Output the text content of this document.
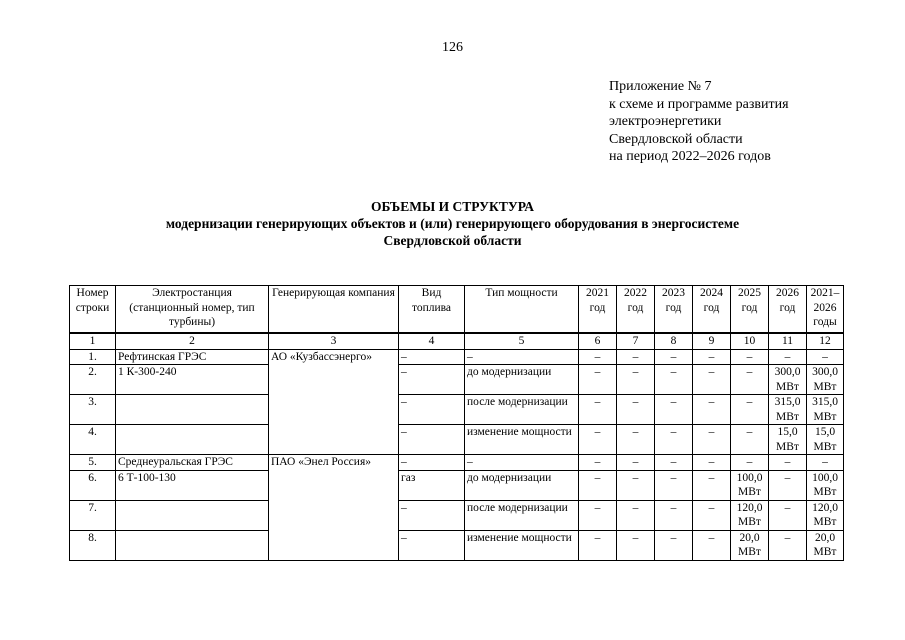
126
Приложение № 7
к схеме и программе развития
электроэнергетики
Свердловской области
на период 2022–2026 годов
ОБЪЕМЫ И СТРУКТУРА
модернизации генерирующих объектов и (или) генерирующего оборудования в энергосистеме
Свердловской области
Номер строки	Электростанция (станционный номер, тип турбины)	Генерирующая компания	Вид топлива	Тип мощности	2021 год	2022 год	2023 год	2024 год	2025 год	2026 год	2021–2026 годы
1	2	3	4	5	6	7	8	9	10	11	12
1.	Рефтинская ГРЭС	АО «Кузбассэнерго»	–	–	–	–	–	–	–	–	–
2.	1 К-300-240		–	до модернизации	–	–	–	–	–	300,0 МВт	300,0 МВт
3.			–	после модернизации	–	–	–	–	–	315,0 МВт	315,0 МВт
4.			–	изменение мощности	–	–	–	–	–	15,0 МВт	15,0 МВт
5.	Среднеуральская ГРЭС	ПАО «Энел Россия»	–	–	–	–	–	–	–	–	–
6.	6 Т-100-130		газ	до модернизации	–	–	–	–	100,0 МВт	–	100,0 МВт
7.			–	после модернизации	–	–	–	–	120,0 МВт	–	120,0 МВт
8.			–	изменение мощности	–	–	–	–	20,0 МВт	–	20,0 МВт
